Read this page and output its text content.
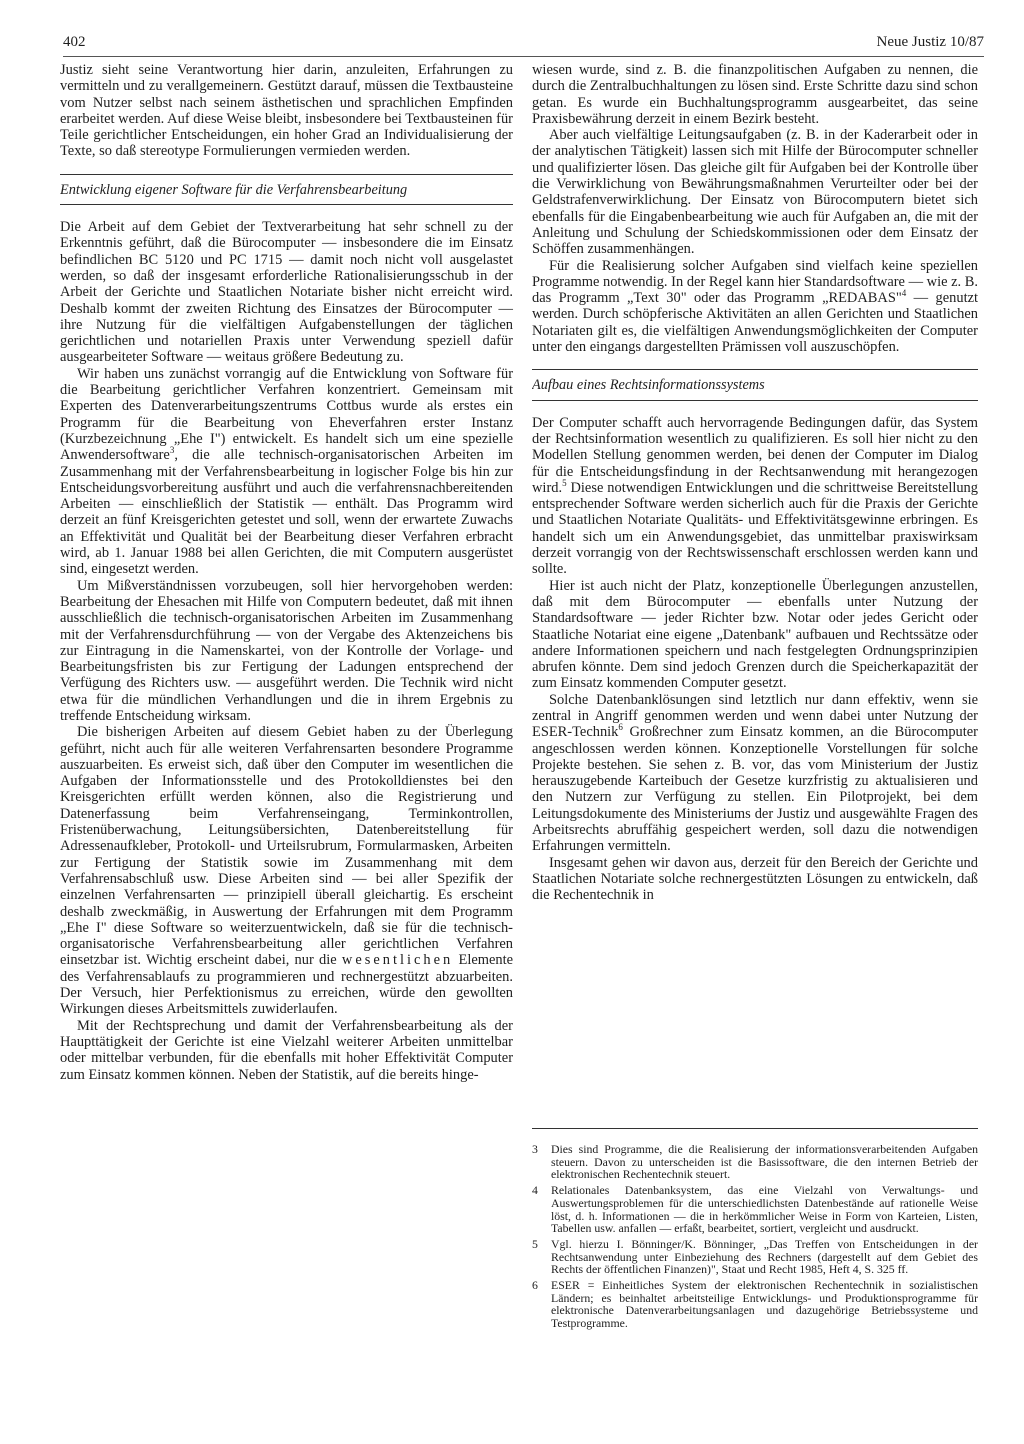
402	Neue Justiz 10/87

Justiz sieht seine Verantwortung hier darin, anzuleiten, Erfahrungen zu vermitteln und zu verallgemeinern. Gestützt darauf, müssen die Textbausteine vom Nutzer selbst nach seinem ästhetischen und sprachlichen Empfinden erarbeitet werden. Auf diese Weise bleibt, insbesondere bei Textbausteinen für Teile gerichtlicher Entscheidungen, ein hoher Grad an Individualisierung der Texte, so daß stereotype Formulierungen vermieden werden.

Entwicklung eigener Software für die Verfahrensbearbeitung

Die Arbeit auf dem Gebiet der Textverarbeitung hat sehr schnell zu der Erkenntnis geführt, daß die Bürocomputer — insbesondere die im Einsatz befindlichen BC 5120 und PC 1715 — damit noch nicht voll ausgelastet werden, so daß der insgesamt erforderliche Rationalisierungsschub in der Arbeit der Gerichte und Staatlichen Notariate bisher nicht erreicht wird. Deshalb kommt der zweiten Richtung des Einsatzes der Bürocomputer — ihre Nutzung für die vielfältigen Aufgabenstellungen der täglichen gerichtlichen und notariellen Praxis unter Verwendung speziell dafür ausgearbeiteter Software — weitaus größere Bedeutung zu.

Wir haben uns zunächst vorrangig auf die Entwicklung von Software für die Bearbeitung gerichtlicher Verfahren konzentriert. Gemeinsam mit Experten des Datenverarbeitungszentrums Cottbus wurde als erstes ein Programm für die Bearbeitung von Eheverfahren erster Instanz (Kurzbezeichnung „Ehe I") entwickelt. Es handelt sich um eine spezielle Anwendersoftware$^3$, die alle technisch-organisatorischen Arbeiten im Zusammenhang mit der Verfahrensbearbeitung in logischer Folge bis hin zur Entscheidungsvorbereitung ausführt und auch die verfahrensnachbereitenden Arbeiten — einschließlich der Statistik — enthält. Das Programm wird derzeit an fünf Kreisgerichten getestet und soll, wenn der erwartete Zuwachs an Effektivität und Qualität bei der Bearbeitung dieser Verfahren erbracht wird, ab 1. Januar 1988 bei allen Gerichten, die mit Computern ausgerüstet sind, eingesetzt werden.

Um Mißverständnissen vorzubeugen, soll hier hervorgehoben werden: Bearbeitung der Ehesachen mit Hilfe von Computern bedeutet, daß mit ihnen ausschließlich die technisch-organisatorischen Arbeiten im Zusammenhang mit der Verfahrensdurchführung — von der Vergabe des Aktenzeichens bis zur Eintragung in die Namenskartei, von der Kontrolle der Vorlage- und Bearbeitungsfristen bis zur Fertigung der Ladungen entsprechend der Verfügung des Richters usw. — ausgeführt werden. Die Technik wird nicht etwa für die mündlichen Verhandlungen und die in ihrem Ergebnis zu treffende Entscheidung wirksam.

Die bisherigen Arbeiten auf diesem Gebiet haben zu der Überlegung geführt, nicht auch für alle weiteren Verfahrensarten besondere Programme auszuarbeiten. Es erweist sich, daß über den Computer im wesentlichen die Aufgaben der Informationsstelle und des Protokolldienstes bei den Kreisgerichten erfüllt werden können, also die Registrierung und Datenerfassung beim Verfahrenseingang, Terminkontrollen, Fristenüberwachung, Leitungsübersichten, Datenbereitstellung für Adressenaufkleber, Protokoll- und Urteilsrubrum, Formularmasken, Arbeiten zur Fertigung der Statistik sowie im Zusammenhang mit dem Verfahrensabschluß usw. Diese Arbeiten sind — bei aller Spezifik der einzelnen Verfahrensarten — prinzipiell überall gleichartig. Es erscheint deshalb zweckmäßig, in Auswertung der Erfahrungen mit dem Programm „Ehe I" diese Software so weiterzuentwickeln, daß sie für die technisch-organisatorische Verfahrensbearbeitung aller gerichtlichen Verfahren einsetzbar ist. Wichtig erscheint dabei, nur die wesentlichen Elemente des Verfahrensablaufs zu programmieren und rechnergestützt abzuarbeiten. Der Versuch, hier Perfektionismus zu erreichen, würde den gewollten Wirkungen dieses Arbeitsmittels zuwiderlaufen.

Mit der Rechtsprechung und damit der Verfahrensbearbeitung als der Haupttätigkeit der Gerichte ist eine Vielzahl weiterer Arbeiten unmittelbar oder mittelbar verbunden, für die ebenfalls mit hoher Effektivität Computer zum Einsatz kommen können. Neben der Statistik, auf die bereits hinge-

wiesen wurde, sind z. B. die finanzpolitischen Aufgaben zu nennen, die durch die Zentralbuchhaltungen zu lösen sind. Erste Schritte dazu sind schon getan. Es wurde ein Buchhaltungsprogramm ausgearbeitet, das seine Praxisbewährung derzeit in einem Bezirk besteht.

Aber auch vielfältige Leitungsaufgaben (z. B. in der Kaderarbeit oder in der analytischen Tätigkeit) lassen sich mit Hilfe der Bürocomputer schneller und qualifizierter lösen. Das gleiche gilt für Aufgaben bei der Kontrolle über die Verwirklichung von Bewährungsmaßnahmen Verurteilter oder bei der Geldstrafenverwirklichung. Der Einsatz von Bürocomputern bietet sich ebenfalls für die Eingabenbearbeitung wie auch für Aufgaben an, die mit der Anleitung und Schulung der Schiedskommissionen oder dem Einsatz der Schöffen zusammenhängen.

Für die Realisierung solcher Aufgaben sind vielfach keine speziellen Programme notwendig. In der Regel kann hier Standardsoftware — wie z. B. das Programm „Text 30" oder das Programm „REDABAS"$^4$ — genutzt werden. Durch schöpferische Aktivitäten an allen Gerichten und Staatlichen Notariaten gilt es, die vielfältigen Anwendungsmöglichkeiten der Computer unter den eingangs dargestellten Prämissen voll auszuschöpfen.

Aufbau eines Rechtsinformationssystems

Der Computer schafft auch hervorragende Bedingungen dafür, das System der Rechtsinformation wesentlich zu qualifizieren. Es soll hier nicht zu den Modellen Stellung genommen werden, bei denen der Computer im Dialog für die Entscheidungsfindung in der Rechtsanwendung mit herangezogen wird.$^5$ Diese notwendigen Entwicklungen und die schrittweise Bereitstellung entsprechender Software werden sicherlich auch für die Praxis der Gerichte und Staatlichen Notariate Qualitäts- und Effektivitätsgewinne erbringen. Es handelt sich um ein Anwendungsgebiet, das unmittelbar praxiswirksam derzeit vorrangig von der Rechtswissenschaft erschlossen werden kann und sollte.

Hier ist auch nicht der Platz, konzeptionelle Überlegungen anzustellen, daß mit dem Bürocomputer — ebenfalls unter Nutzung der Standardsoftware — jeder Richter bzw. Notar oder jedes Gericht oder Staatliche Notariat eine eigene „Datenbank" aufbauen und Rechtssätze oder andere Informationen speichern und nach festgelegten Ordnungsprinzipien abrufen könnte. Dem sind jedoch Grenzen durch die Speicherkapazität der zum Einsatz kommenden Computer gesetzt.

Solche Datenbanklösungen sind letztlich nur dann effektiv, wenn sie zentral in Angriff genommen werden und wenn dabei unter Nutzung der ESER-Technik$^6$ Großrechner zum Einsatz kommen, an die Bürocomputer angeschlossen werden können. Konzeptionelle Vorstellungen für solche Projekte bestehen. Sie sehen z. B. vor, das vom Ministerium der Justiz herauszugebende Karteibuch der Gesetze kurzfristig zu aktualisieren und den Nutzern zur Verfügung zu stellen. Ein Pilotprojekt, bei dem Leitungsdokumente des Ministeriums der Justiz und ausgewählte Fragen des Arbeitsrechts abruffähig gespeichert werden, soll dazu die notwendigen Erfahrungen vermitteln.

Insgesamt gehen wir davon aus, derzeit für den Bereich der Gerichte und Staatlichen Notariate solche rechnergestützten Lösungen zu entwickeln, daß die Rechentechnik in

3 Dies sind Programme, die die Realisierung der informationsverarbeitenden Aufgaben steuern. Davon zu unterscheiden ist die Basissoftware, die den internen Betrieb der elektronischen Rechentechnik steuert.
4 Relationales Datenbanksystem, das eine Vielzahl von Verwaltungs- und Auswertungsproblemen für die unterschiedlichsten Datenbestände auf rationelle Weise löst, d. h. Informationen — die in herkömmlicher Weise in Form von Karteien, Listen, Tabellen usw. anfallen — erfaßt, bearbeitet, sortiert, vergleicht und ausdruckt.
5 Vgl. hierzu I. Bönninger/K. Bönninger, „Das Treffen von Entscheidungen in der Rechtsanwendung unter Einbeziehung des Rechners (dargestellt auf dem Gebiet des Rechts der öffentlichen Finanzen)", Staat und Recht 1985, Heft 4, S. 325 ff.
6 ESER = Einheitliches System der elektronischen Rechentechnik in sozialistischen Ländern; es beinhaltet arbeitsteilige Entwicklungs- und Produktionsprogramme für elektronische Datenverarbeitungsanlagen und dazugehörige Betriebssysteme und Testprogramme.
